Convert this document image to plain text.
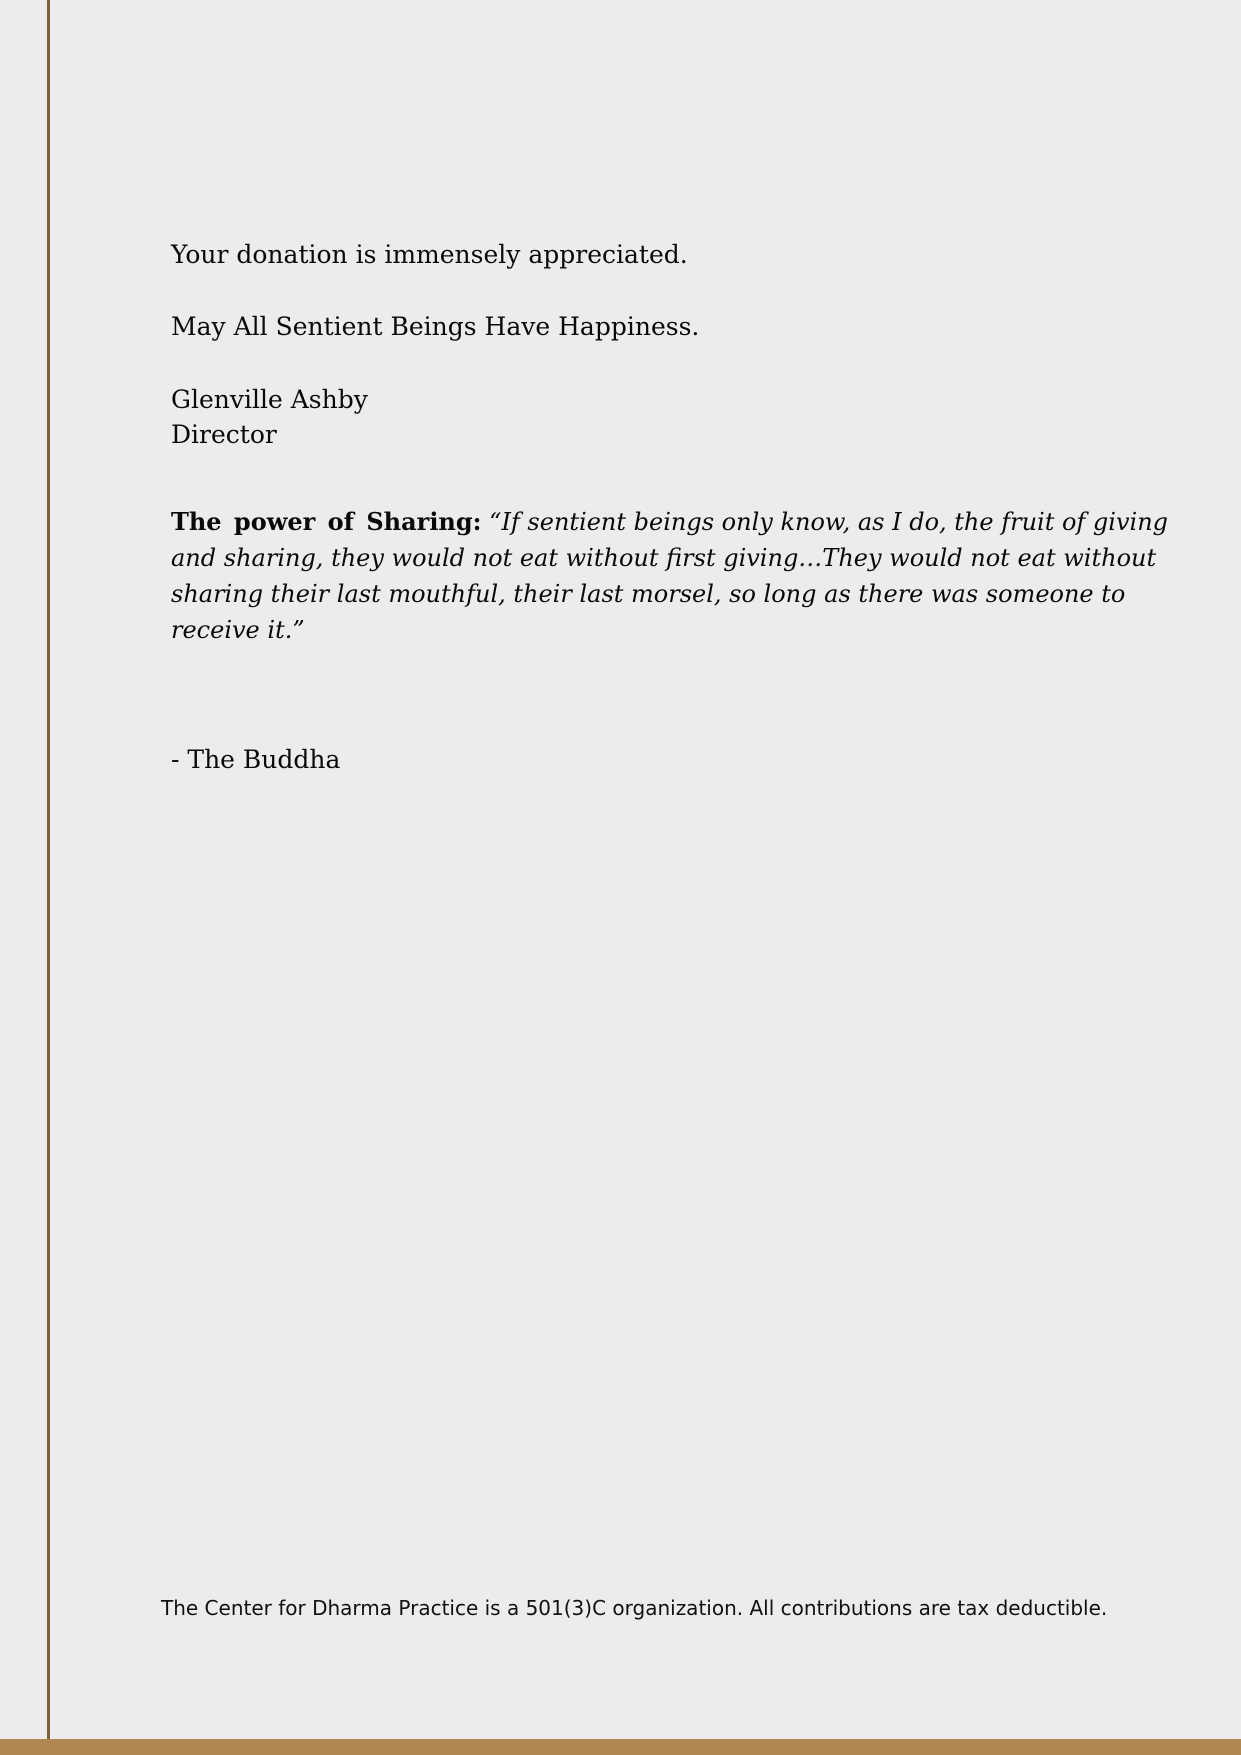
Your donation is immensely appreciated.

May All Sentient Beings Have Happiness.

Glenville Ashby

Director

The power of Sharing: “If sentient beings only know, as I do, the fruit of giving and sharing, they would not eat without first giving…They would not eat without sharing their last mouthful, their last morsel, so long as there was someone to receive it.”

- The Buddha

The Center for Dharma Practice is a 501(3)C organization. All contributions are tax deductible.
